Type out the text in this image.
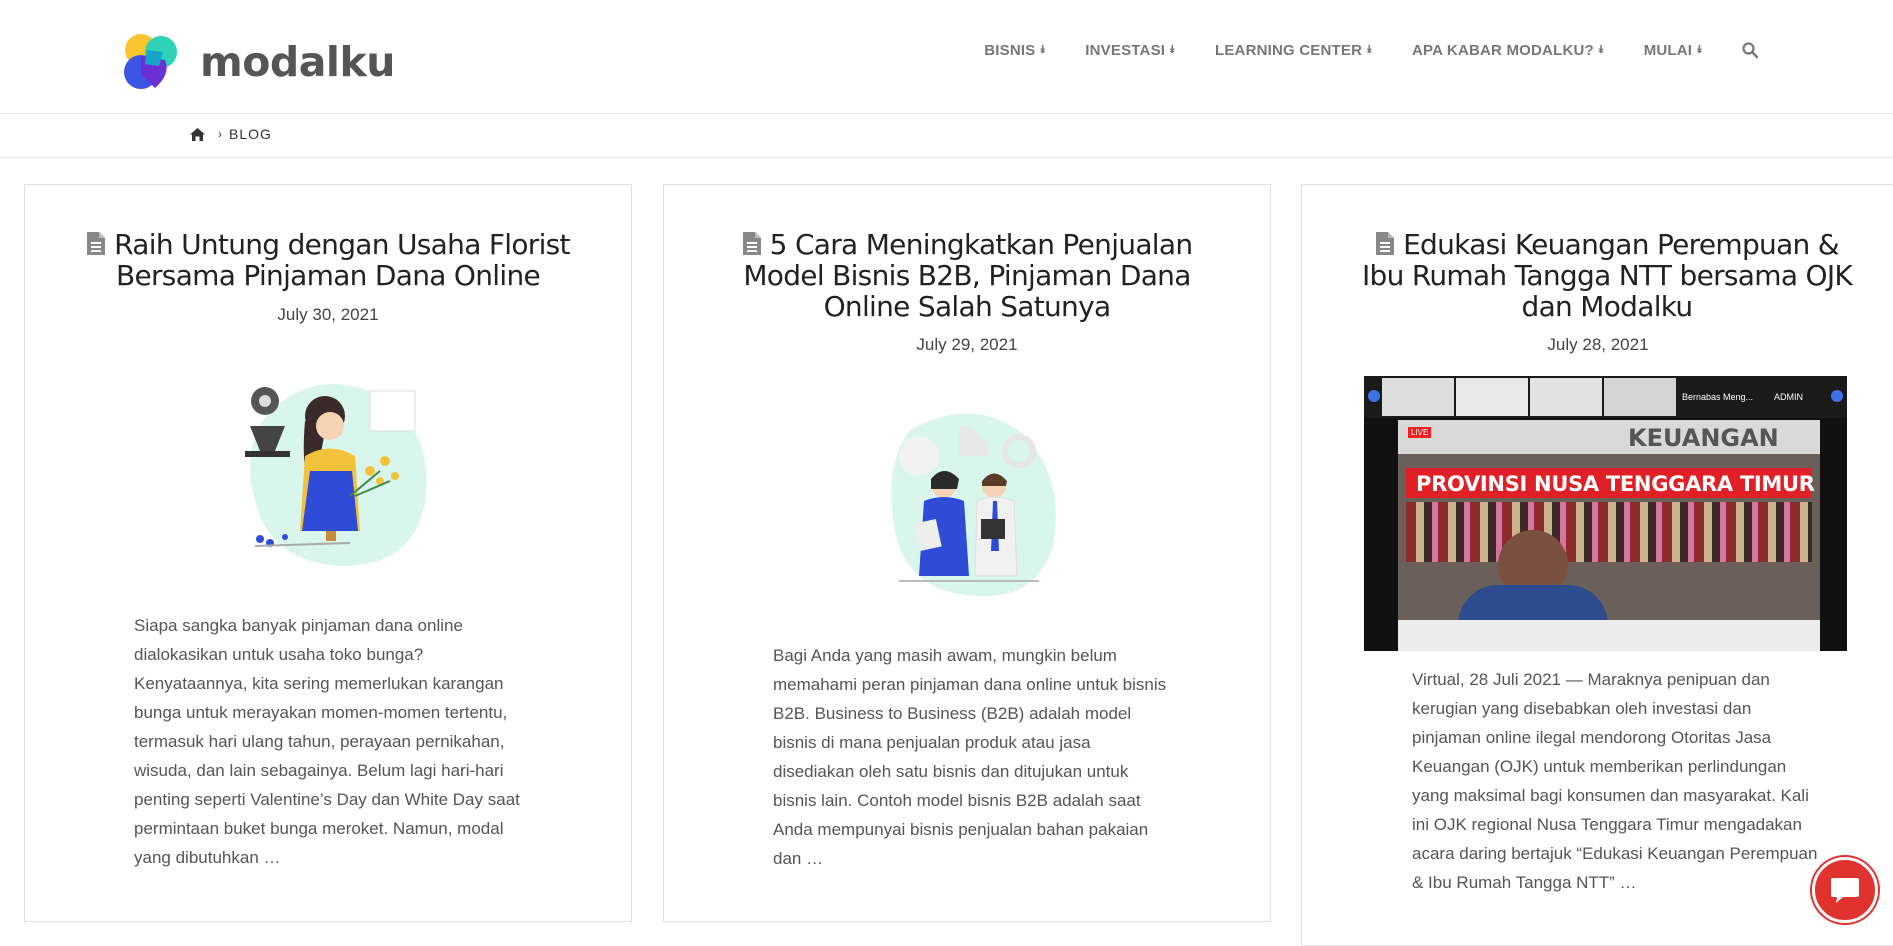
modalku	BISNIS ⯯	INVESTASI ⯯	LEARNING CENTER ⯯	APA KABAR MODALKU? ⯯	MULAI ⯯
› BLOG
Raih Untung dengan Usaha Florist Bersama Pinjaman Dana Online
July 30, 2021
Siapa sangka banyak pinjaman dana online dialokasikan untuk usaha toko bunga? Kenyataannya, kita sering memerlukan karangan bunga untuk merayakan momen-momen tertentu, termasuk hari ulang tahun, perayaan pernikahan, wisuda, dan lain sebagainya. Belum lagi hari-hari penting seperti Valentine’s Day dan White Day saat permintaan buket bunga meroket. Namun, modal yang dibutuhkan …
5 Cara Meningkatkan Penjualan Model Bisnis B2B, Pinjaman Dana Online Salah Satunya
July 29, 2021
Bagi Anda yang masih awam, mungkin belum memahami peran pinjaman dana online untuk bisnis B2B. Business to Business (B2B) adalah model bisnis di mana penjualan produk atau jasa disediakan oleh satu bisnis dan ditujukan untuk bisnis lain. Contoh model bisnis B2B adalah saat Anda mempunyai bisnis penjualan bahan pakaian dan …
Edukasi Keuangan Perempuan & Ibu Rumah Tangga NTT bersama OJK dan Modalku
July 28, 2021
Bernabas Meng... ADMIN
KEUANGAN
LIVE
PROVINSI NUSA TENGGARA TIMUR
Virtual, 28 Juli 2021 — Maraknya penipuan dan kerugian yang disebabkan oleh investasi dan pinjaman online ilegal mendorong Otoritas Jasa Keuangan (OJK) untuk memberikan perlindungan yang maksimal bagi konsumen dan masyarakat. Kali ini OJK regional Nusa Tenggara Timur mengadakan acara daring bertajuk “Edukasi Keuangan Perempuan & Ibu Rumah Tangga NTT” …
